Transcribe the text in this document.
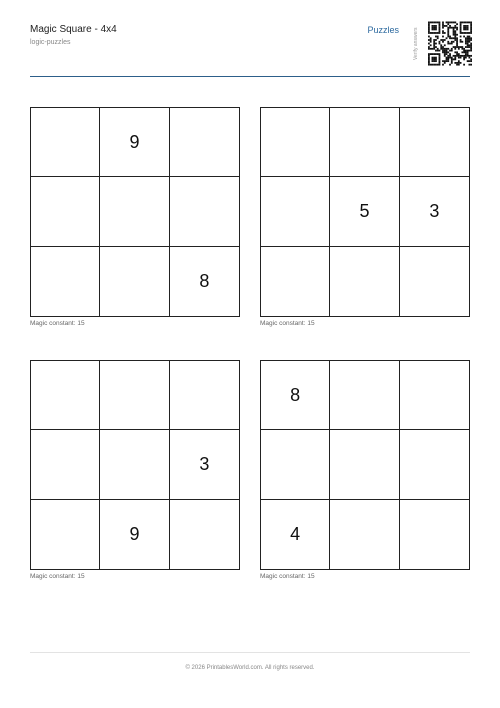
Magic Square - 4x4
logic-puzzles
Puzzles	Verify answers
9
8
Magic constant: 15
5	3
Magic constant: 15
3
9
Magic constant: 15
8
4
Magic constant: 15
© 2026 PrintablesWorld.com. All rights reserved.
